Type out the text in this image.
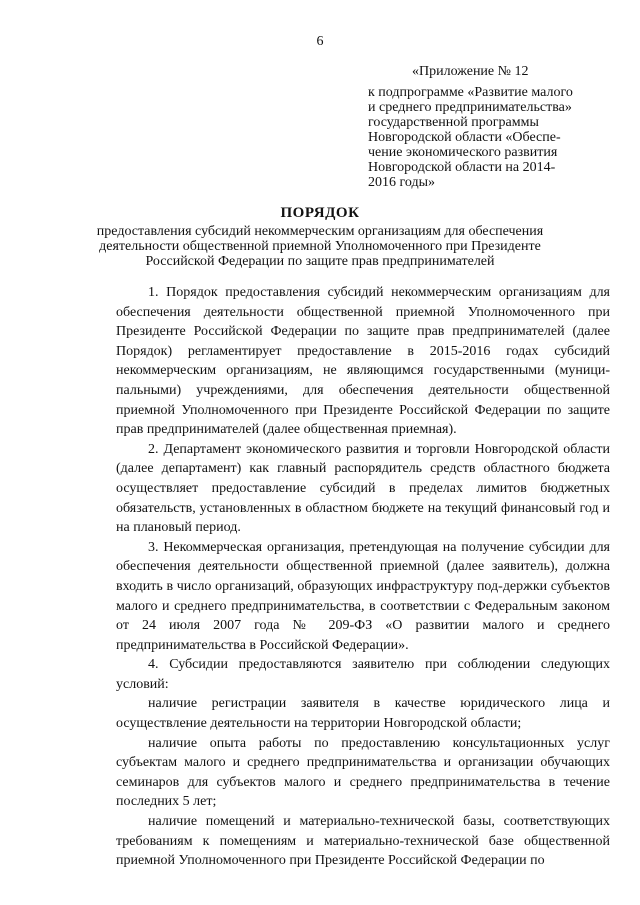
6
«Приложение № 12
к подпрограмме «Развитие малого
и среднего предпринимательства»
государственной программы
Новгородской области «Обеспе-
чение экономического развития
Новгородской области на 2014-
2016 годы»
ПОРЯДОК
предоставления субсидий некоммерческим организациям для обеспечения
деятельности общественной приемной Уполномоченного при Президенте
Российской Федерации по защите прав предпринимателей

1. Порядок предоставления субсидий некоммерческим организациям для обеспечения деятельности общественной приемной Уполномоченного при Президенте Российской Федерации по защите прав предпринимателей (далее Порядок) регламентирует предоставление в 2015-2016 годах субсидий некоммерческим организациям, не являющимся государственными (муници-пальными) учреждениями, для обеспечения деятельности общественной приемной Уполномоченного при Президенте Российской Федерации по защите прав предпринимателей (далее общественная приемная).

2. Департамент экономического развития и торговли Новгородской области (далее департамент) как главный распорядитель средств областного бюджета осуществляет предоставление субсидий в пределах лимитов бюджетных обязательств, установленных в областном бюджете на текущий финансовый год и на плановый период.

3. Некоммерческая организация, претендующая на получение субсидии для обеспечения деятельности общественной приемной (далее заявитель), должна входить в число организаций, образующих инфраструктуру под-держки субъектов малого и среднего предпринимательства, в соответствии с Федеральным законом от 24 июля 2007 года № 209-ФЗ «О развитии малого и среднего предпринимательства в Российской Федерации».

4. Субсидии предоставляются заявителю при соблюдении следующих условий:

наличие регистрации заявителя в качестве юридического лица и осуществление деятельности на территории Новгородской области;

наличие опыта работы по предоставлению консультационных услуг субъектам малого и среднего предпринимательства и организации обучающих семинаров для субъектов малого и среднего предпринимательства в течение последних 5 лет;

наличие помещений и материально-технической базы, соответствующих требованиям к помещениям и материально-технической базе общественной приемной Уполномоченного при Президенте Российской Федерации по
